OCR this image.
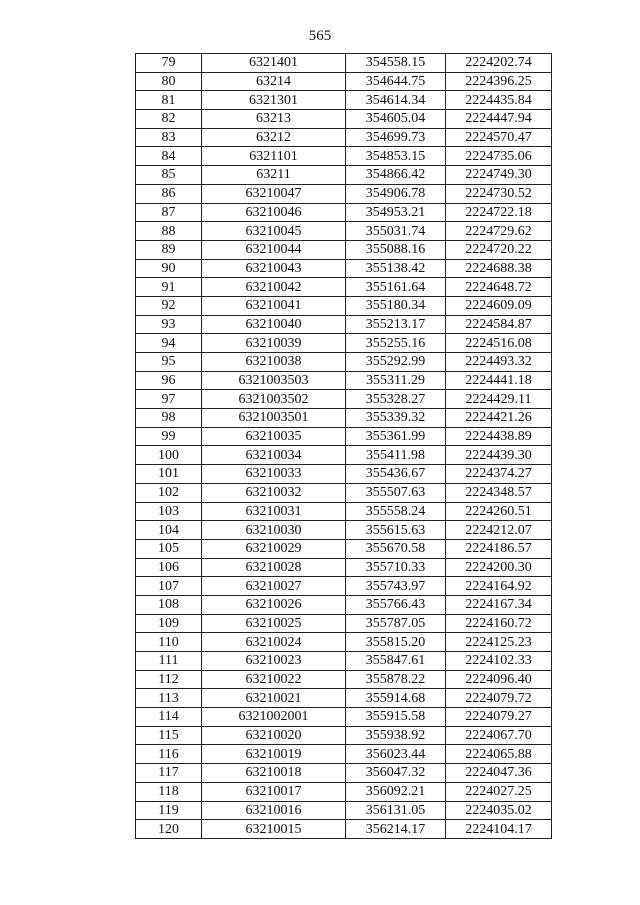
565
79	6321401	354558.15	2224202.74
80	63214	354644.75	2224396.25
81	6321301	354614.34	2224435.84
82	63213	354605.04	2224447.94
83	63212	354699.73	2224570.47
84	6321101	354853.15	2224735.06
85	63211	354866.42	2224749.30
86	63210047	354906.78	2224730.52
87	63210046	354953.21	2224722.18
88	63210045	355031.74	2224729.62
89	63210044	355088.16	2224720.22
90	63210043	355138.42	2224688.38
91	63210042	355161.64	2224648.72
92	63210041	355180.34	2224609.09
93	63210040	355213.17	2224584.87
94	63210039	355255.16	2224516.08
95	63210038	355292.99	2224493.32
96	6321003503	355311.29	2224441.18
97	6321003502	355328.27	2224429.11
98	6321003501	355339.32	2224421.26
99	63210035	355361.99	2224438.89
100	63210034	355411.98	2224439.30
101	63210033	355436.67	2224374.27
102	63210032	355507.63	2224348.57
103	63210031	355558.24	2224260.51
104	63210030	355615.63	2224212.07
105	63210029	355670.58	2224186.57
106	63210028	355710.33	2224200.30
107	63210027	355743.97	2224164.92
108	63210026	355766.43	2224167.34
109	63210025	355787.05	2224160.72
110	63210024	355815.20	2224125.23
111	63210023	355847.61	2224102.33
112	63210022	355878.22	2224096.40
113	63210021	355914.68	2224079.72
114	6321002001	355915.58	2224079.27
115	63210020	355938.92	2224067.70
116	63210019	356023.44	2224065.88
117	63210018	356047.32	2224047.36
118	63210017	356092.21	2224027.25
119	63210016	356131.05	2224035.02
120	63210015	356214.17	2224104.17
